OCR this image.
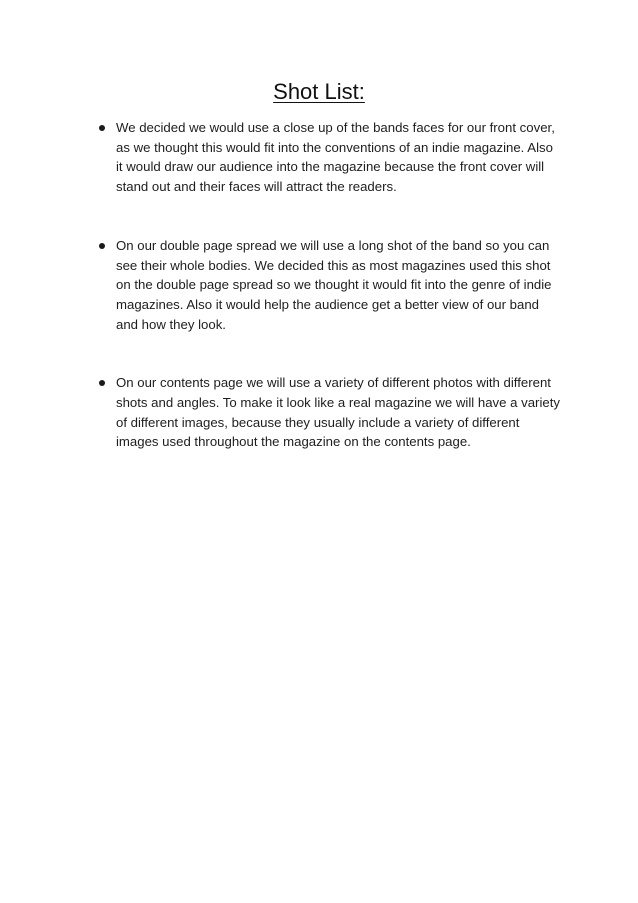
Shot List:
We decided we would use a close up of the bands faces for our front cover, as we thought this would fit into the conventions of an indie magazine. Also it would draw our audience into the magazine because the front cover will stand out and their faces will attract the readers.
On our double page spread we will use a long shot of the band so you can see their whole bodies. We decided this as most magazines used this shot on the double page spread so we thought it would fit into the genre of indie magazines. Also it would help the audience get a better view of our band and how they look.
On our contents page we will use a variety of different photos with different shots and angles. To make it look like a real magazine we will have a variety of different images, because they usually include a variety of different images used throughout the magazine on the contents page.
